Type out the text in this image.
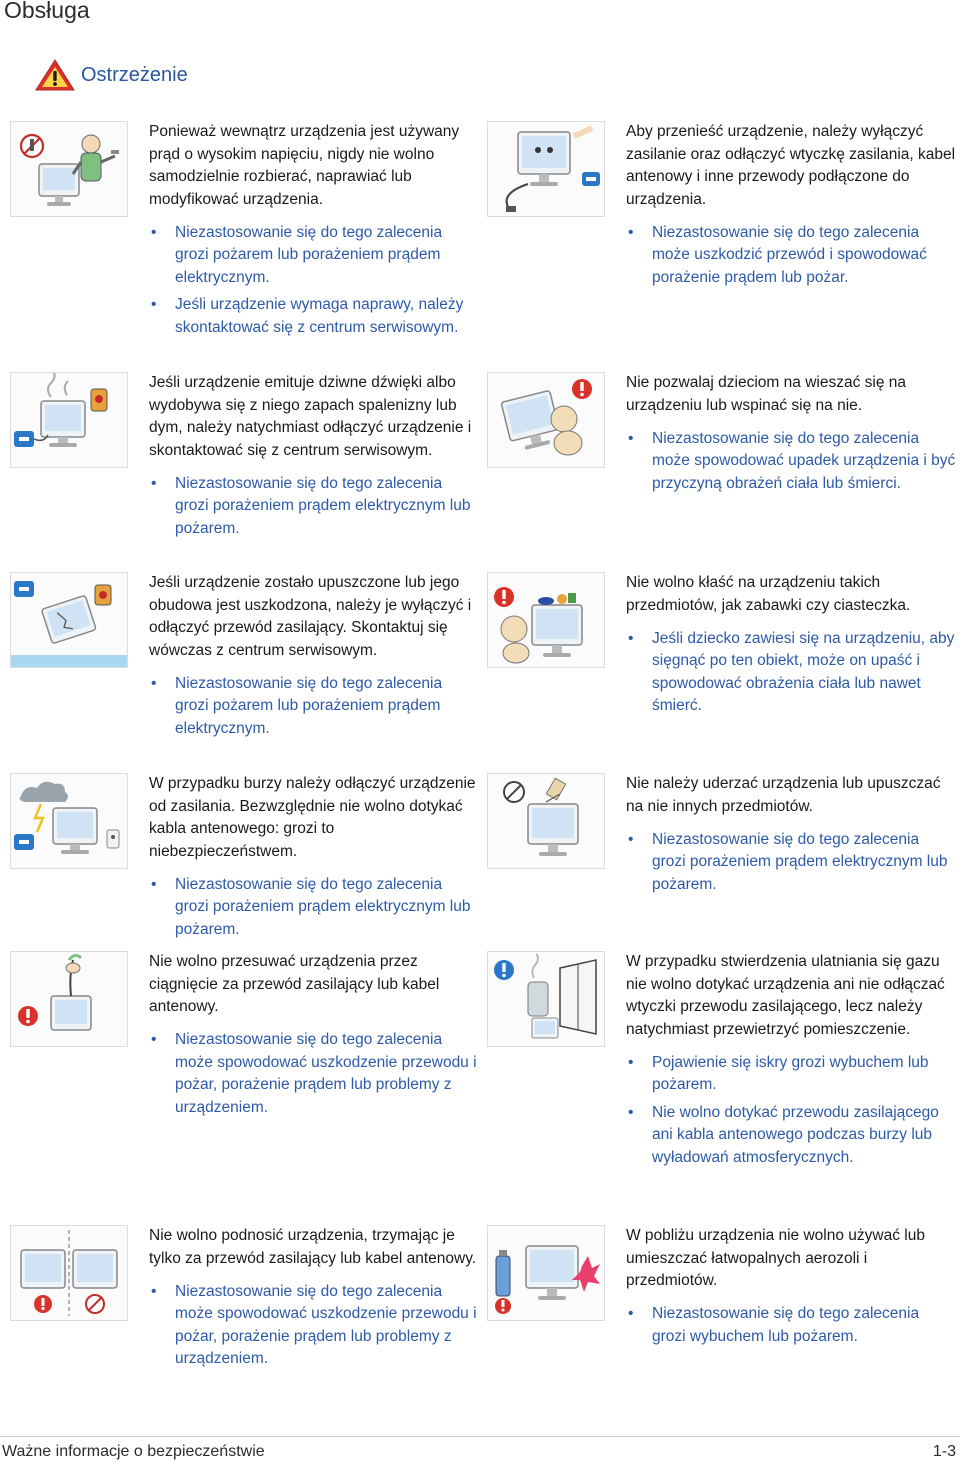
Obsługa
Ostrzeżenie

Ponieważ wewnątrz urządzenia jest używany prąd o wysokim napięciu, nigdy nie wolno samodzielnie rozbierać, naprawiać lub modyfikować urządzenia.

• Niezastosowanie się do tego zalecenia grozi pożarem lub porażeniem prądem elektrycznym.
• Jeśli urządzenie wymaga naprawy, należy skontaktować się z centrum serwisowym.

Jeśli urządzenie emituje dziwne dźwięki albo wydobywa się z niego zapach spalenizny lub dym, należy natychmiast odłączyć urządzenie i skontaktować się z centrum serwisowym.

• Niezastosowanie się do tego zalecenia grozi porażeniem prądem elektrycznym lub pożarem.

Jeśli urządzenie zostało upuszczone lub jego obudowa jest uszkodzona, należy je wyłączyć i odłączyć przewód zasilający. Skontaktuj się wówczas z centrum serwisowym.

• Niezastosowanie się do tego zalecenia grozi pożarem lub porażeniem prądem elektrycznym.

W przypadku burzy należy odłączyć urządzenie od zasilania. Bezwzględnie nie wolno dotykać kabla antenowego: grozi to niebezpieczeństwem.

• Niezastosowanie się do tego zalecenia grozi porażeniem prądem elektrycznym lub pożarem.

Nie wolno przesuwać urządzenia przez ciągnięcie za przewód zasilający lub kabel antenowy.

• Niezastosowanie się do tego zalecenia może spowodować uszkodzenie przewodu i pożar, porażenie prądem lub problemy z urządzeniem.

Nie wolno podnosić urządzenia, trzymając je tylko za przewód zasilający lub kabel antenowy.

• Niezastosowanie się do tego zalecenia może spowodować uszkodzenie przewodu i pożar, porażenie prądem lub problemy z urządzeniem.

Aby przenieść urządzenie, należy wyłączyć zasilanie oraz odłączyć wtyczkę zasilania, kabel antenowy i inne przewody podłączone do urządzenia.

• Niezastosowanie się do tego zalecenia może uszkodzić przewód i spowodować porażenie prądem lub pożar.

Nie pozwalaj dzieciom na wieszać się na urządzeniu lub wspinać się na nie.

• Niezastosowanie się do tego zalecenia może spowodować upadek urządzenia i być przyczyną obrażeń ciała lub śmierci.

Nie wolno kłaść na urządzeniu takich przedmiotów, jak zabawki czy ciasteczka.

• Jeśli dziecko zawiesi się na urządzeniu, aby sięgnąć po ten obiekt, może on upaść i spowodować obrażenia ciała lub nawet śmierć.

Nie należy uderzać urządzenia lub upuszczać na nie innych przedmiotów.

• Niezastosowanie się do tego zalecenia grozi porażeniem prądem elektrycznym lub pożarem.

W przypadku stwierdzenia ulatniania się gazu nie wolno dotykać urządzenia ani nie odłączać wtyczki przewodu zasilającego, lecz należy natychmiast przewietrzyć pomieszczenie.

• Pojawienie się iskry grozi wybuchem lub pożarem.
• Nie wolno dotykać przewodu zasilającego ani kabla antenowego podczas burzy lub wyładowań atmosferycznych.

W pobliżu urządzenia nie wolno używać lub umieszczać łatwopalnych aerozoli i przedmiotów.

• Niezastosowanie się do tego zalecenia grozi wybuchem lub pożarem.
Ważne informacje o bezpieczeństwie	1-3
